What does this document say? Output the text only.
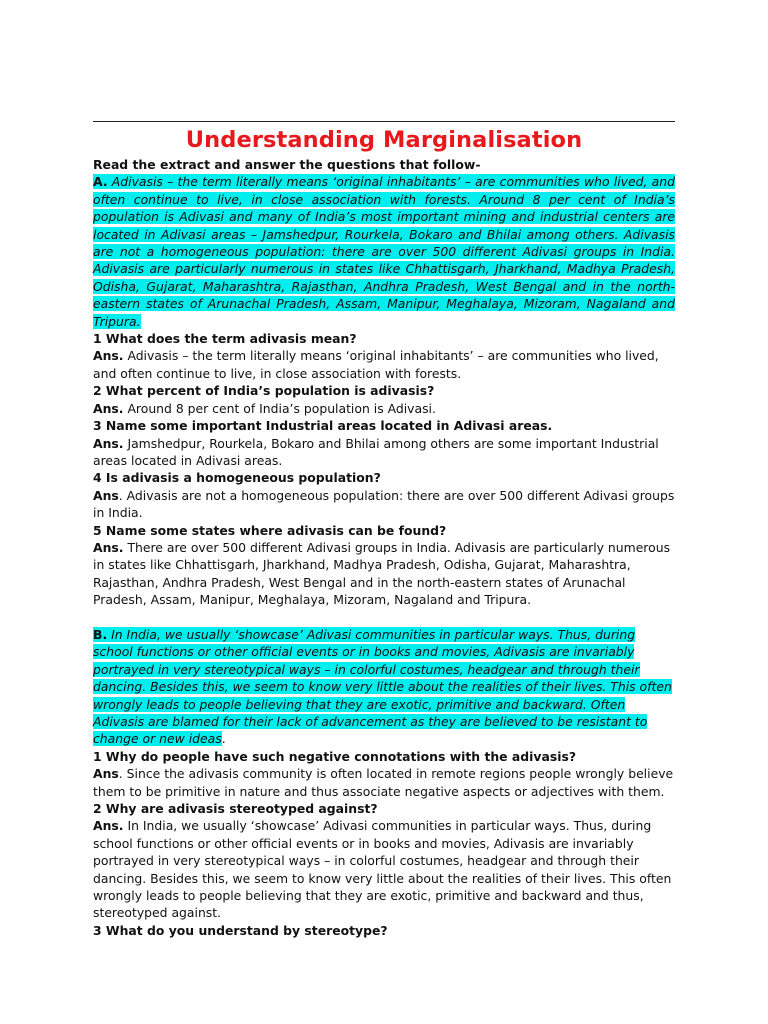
Understanding Marginalisation

Read the extract and answer the questions that follow-

A. Adivasis – the term literally means ‘original inhabitants’ – are communities who lived, and often continue to live, in close association with forests. Around 8 per cent of India’s population is Adivasi and many of India’s most important mining and industrial centers are located in Adivasi areas – Jamshedpur, Rourkela, Bokaro and Bhilai among others. Adivasis are not a homogeneous population: there are over 500 different Adivasi groups in India. Adivasis are particularly numerous in states like Chhattisgarh, Jharkhand, Madhya Pradesh, Odisha, Gujarat, Maharashtra, Rajasthan, Andhra Pradesh, West Bengal and in the north-eastern states of Arunachal Pradesh, Assam, Manipur, Meghalaya, Mizoram, Nagaland and Tripura.

1 What does the term adivasis mean?

Ans. Adivasis – the term literally means ‘original inhabitants’ – are communities who lived, and often continue to live, in close association with forests.

2 What percent of India’s population is adivasis?

Ans. Around 8 per cent of India’s population is Adivasi.

3 Name some important Industrial areas located in Adivasi areas.

Ans. Jamshedpur, Rourkela, Bokaro and Bhilai among others are some important Industrial areas located in Adivasi areas.

4 Is adivasis a homogeneous population?

Ans. Adivasis are not a homogeneous population: there are over 500 different Adivasi groups in India.

5 Name some states where adivasis can be found?

Ans. There are over 500 different Adivasi groups in India. Adivasis are particularly numerous in states like Chhattisgarh, Jharkhand, Madhya Pradesh, Odisha, Gujarat, Maharashtra, Rajasthan, Andhra Pradesh, West Bengal and in the north-eastern states of Arunachal Pradesh, Assam, Manipur, Meghalaya, Mizoram, Nagaland and Tripura.

B. In India, we usually ‘showcase’ Adivasi communities in particular ways. Thus, during school functions or other official events or in books and movies, Adivasis are invariably portrayed in very stereotypical ways – in colorful costumes, headgear and through their dancing. Besides this, we seem to know very little about the realities of their lives. This often wrongly leads to people believing that they are exotic, primitive and backward. Often Adivasis are blamed for their lack of advancement as they are believed to be resistant to change or new ideas.

1 Why do people have such negative connotations with the adivasis?

Ans. Since the adivasis community is often located in remote regions people wrongly believe them to be primitive in nature and thus associate negative aspects or adjectives with them.

2 Why are adivasis stereotyped against?

Ans. In India, we usually ‘showcase’ Adivasi communities in particular ways. Thus, during school functions or other official events or in books and movies, Adivasis are invariably portrayed in very stereotypical ways – in colorful costumes, headgear and through their dancing. Besides this, we seem to know very little about the realities of their lives. This often wrongly leads to people believing that they are exotic, primitive and backward and thus, stereotyped against.

3 What do you understand by stereotype?
